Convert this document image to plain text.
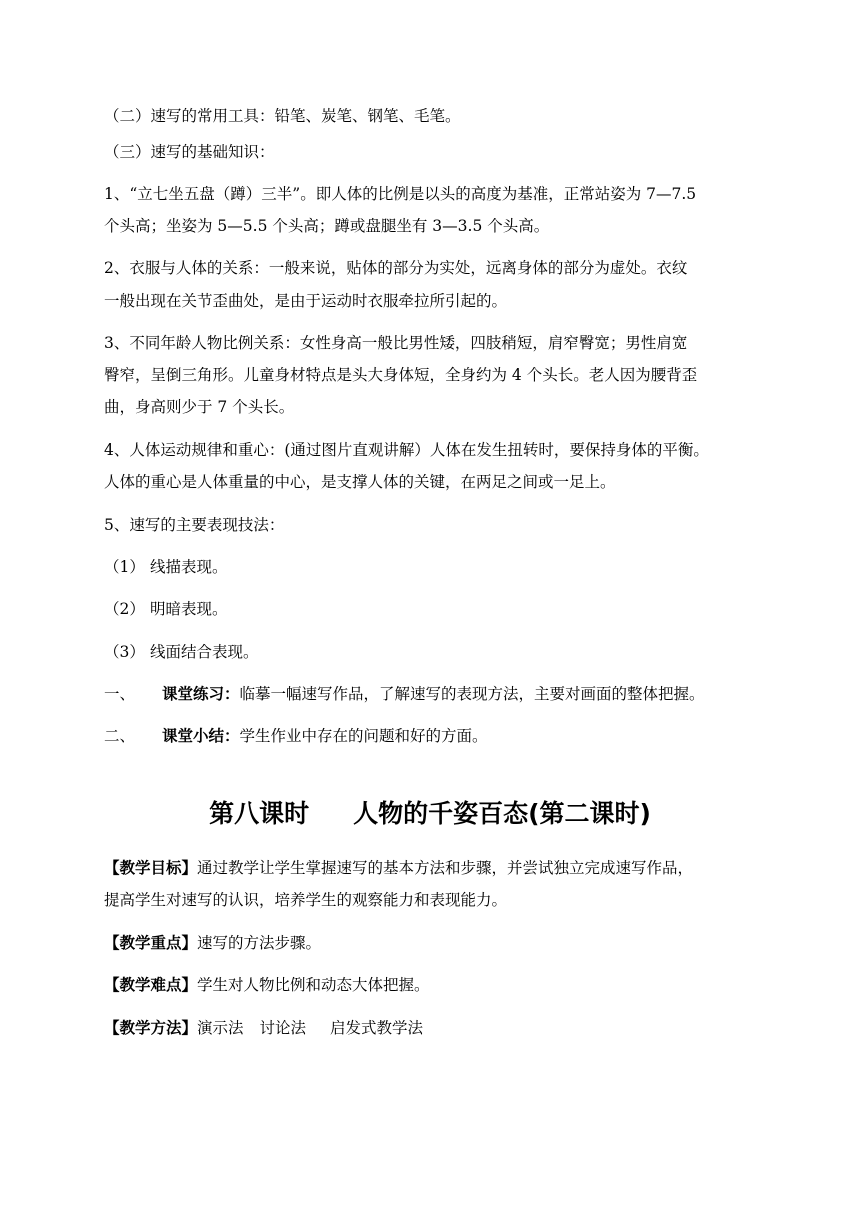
（二）速写的常用工具：铅笔、炭笔、钢笔、毛笔。
（三）速写的基础知识：
1、“立七坐五盘（蹲）三半”。即人体的比例是以头的高度为基准，正常站姿为 7—7.5
个头高；坐姿为 5—5.5 个头高；蹲或盘腿坐有 3—3.5 个头高。
2、衣服与人体的关系：一般来说，贴体的部分为实处，远离身体的部分为虚处。衣纹
一般出现在关节歪曲处，是由于运动时衣服牵拉所引起的。
3、不同年龄人物比例关系：女性身高一般比男性矮，四肢稍短，肩窄臀宽；男性肩宽
臀窄，呈倒三角形。儿童身材特点是头大身体短，全身约为 4 个头长。老人因为腰背歪
曲，身高则少于 7 个头长。
4、人体运动规律和重心：(通过图片直观讲解）人体在发生扭转时，要保持身体的平衡。
人体的重心是人体重量的中心，是支撑人体的关键，在两足之间或一足上。
5、速写的主要表现技法：
（1） 线描表现。
（2） 明暗表现。
（3） 线面结合表现。
一、 课堂练习：临摹一幅速写作品，了解速写的表现方法，主要对画面的整体把握。
二、 课堂小结：学生作业中存在的问题和好的方面。
第八课时 人物的千姿百态(第二课时)
【教学目标】通过教学让学生掌握速写的基本方法和步骤，并尝试独立完成速写作品，
提高学生对速写的认识，培养学生的观察能力和表现能力。
【教学重点】速写的方法步骤。
【教学难点】学生对人物比例和动态大体把握。
【教学方法】演示法 讨论法 启发式教学法
